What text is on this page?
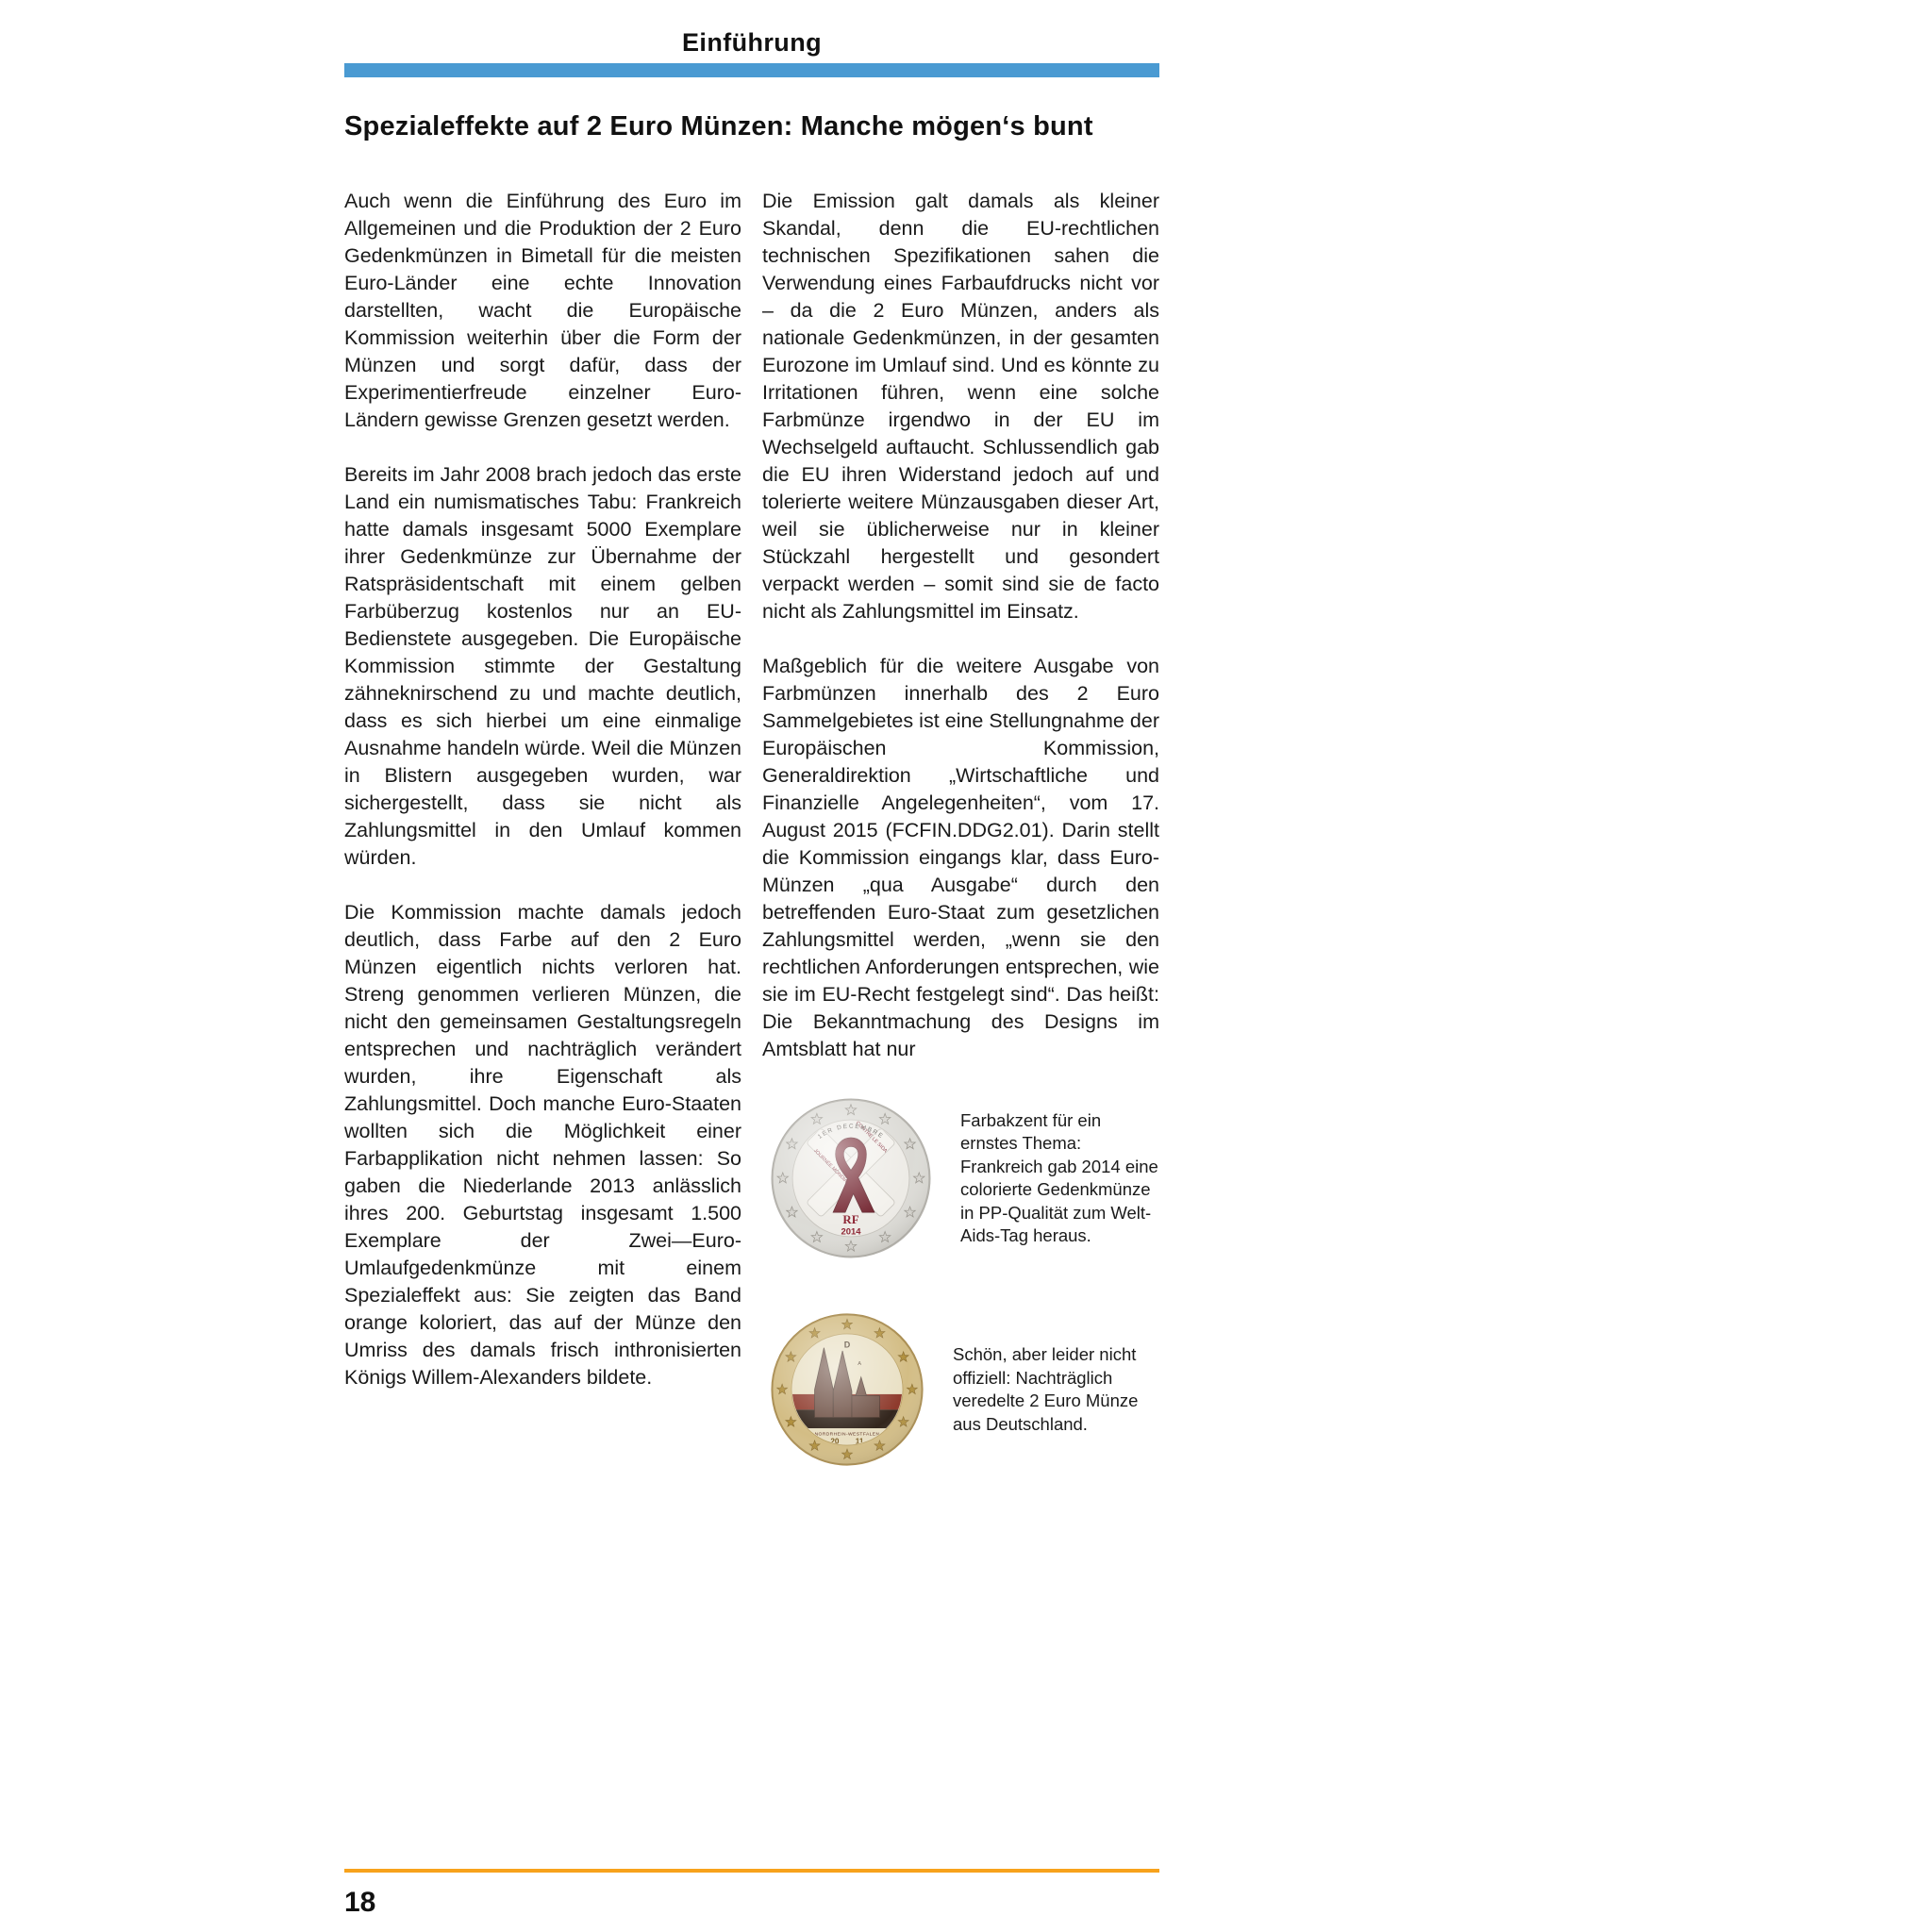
Einführung
Spezialeffekte auf 2 Euro Münzen: Manche mögen‘s bunt

Auch wenn die Einführung des Euro im Allgemeinen und die Produktion der 2 Euro Gedenkmünzen in Bimetall für die meisten Euro-Länder eine echte Innovation darstellten, wacht die Europäische Kommission weiterhin über die Form der Münzen und sorgt dafür, dass der Experimentierfreude einzelner Euro-Ländern gewisse Grenzen gesetzt werden.

Bereits im Jahr 2008 brach jedoch das erste Land ein numismatisches Tabu: Frankreich hatte damals insgesamt 5000 Exemplare ihrer Gedenkmünze zur Übernahme der Ratspräsidentschaft mit einem gelben Farbüberzug kostenlos nur an EU-Bedienstete ausgegeben. Die Europäische Kommission stimmte der Gestaltung zähneknirschend zu und machte deutlich, dass es sich hierbei um eine einmalige Ausnahme handeln würde. Weil die Münzen in Blistern ausgegeben wurden, war sichergestellt, dass sie nicht als Zahlungsmittel in den Umlauf kommen würden.

Die Kommission machte damals jedoch deutlich, dass Farbe auf den 2 Euro Münzen eigentlich nichts verloren hat. Streng genommen verlieren Münzen, die nicht den gemeinsamen Gestaltungsregeln entsprechen und nachträglich verändert wurden, ihre Eigenschaft als Zahlungsmittel. Doch manche Euro-Staaten wollten sich die Möglichkeit einer Farbapplikation nicht nehmen lassen: So gaben die Niederlande 2013 anlässlich ihres 200. Geburtstag insgesamt 1.500 Exemplare der Zwei—Euro-Umlaufgedenkmünze mit einem Spezialeffekt aus: Sie zeigten das Band orange koloriert, das auf der Münze den Umriss des damals frisch inthronisierten Königs Willem-Alexanders bildete.

Die Emission galt damals als kleiner Skandal, denn die EU-rechtlichen technischen Spezifikationen sahen die Verwendung eines Farbaufdrucks nicht vor – da die 2 Euro Münzen, anders als nationale Gedenkmünzen, in der gesamten Eurozone im Umlauf sind. Und es könnte zu Irritationen führen, wenn eine solche Farbmünze irgendwo in der EU im Wechselgeld auftaucht. Schlussendlich gab die EU ihren Widerstand jedoch auf und tolerierte weitere Münzausgaben dieser Art, weil sie üblicherweise nur in kleiner Stückzahl hergestellt und gesondert verpackt werden – somit sind sie de facto nicht als Zahlungsmittel im Einsatz.

Maßgeblich für die weitere Ausgabe von Farbmünzen innerhalb des 2 Euro Sammelgebietes ist eine Stellungnahme der Europäischen Kommission, Generaldirektion „Wirtschaftliche und Finanzielle Angelegenheiten“, vom 17. August 2015 (FCFIN.DDG2.01). Darin stellt die Kommission eingangs klar, dass Euro-Münzen „qua Ausgabe“ durch den betreffenden Euro-Staat zum gesetzlichen Zahlungsmittel werden, „wenn sie den rechtlichen Anforderungen entsprechen, wie sie im EU-Recht festgelegt sind“. Das heißt: Die Bekanntmachung des Designs im Amtsblatt hat nur

Farbakzent für ein ernstes Thema: Frankreich gab 2014 eine colorierte Gedenkmünze in PP-Qualität zum Welt-Aids-Tag heraus.
Schön, aber leider nicht offiziell: Nachträglich veredelte 2 Euro Münze aus Deutschland.
18
